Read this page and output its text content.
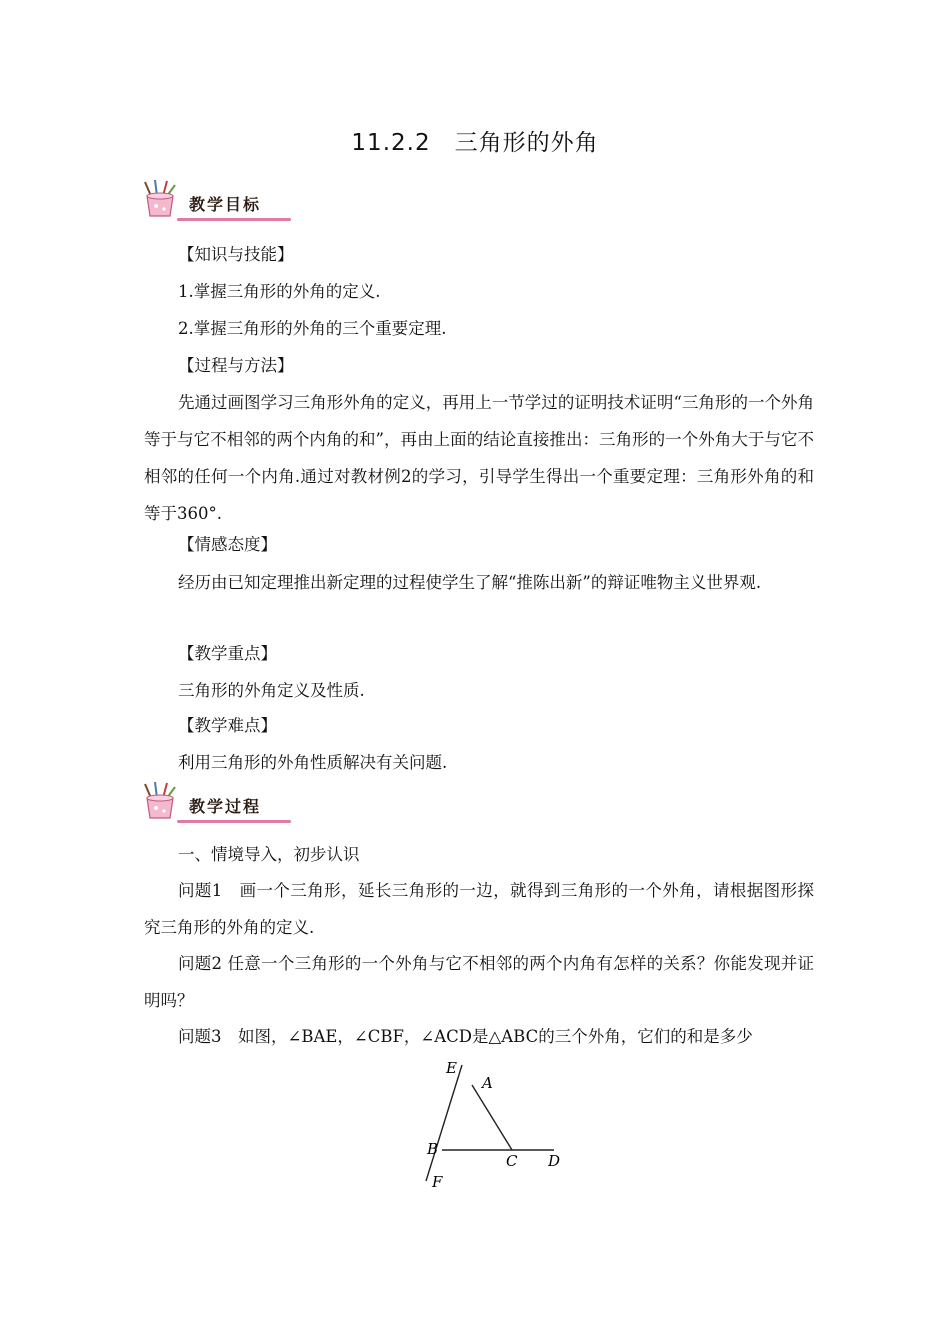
11.2.2　三角形的外角
教学目标
【知识与技能】
1.掌握三角形的外角的定义.
2.掌握三角形的外角的三个重要定理.
【过程与方法】
先通过画图学习三角形外角的定义，再用上一节学过的证明技术证明“三角形的一个外角等于与它不相邻的两个内角的和”，再由上面的结论直接推出：三角形的一个外角大于与它不相邻的任何一个内角.通过对教材例2的学习，引导学生得出一个重要定理：三角形外角的和等于360°.
【情感态度】
经历由已知定理推出新定理的过程使学生了解“推陈出新”的辩证唯物主义世界观.
【教学重点】
三角形的外角定义及性质.
【教学难点】
利用三角形的外角性质解决有关问题.
教学过程
一、情境导入，初步认识
问题1　画一个三角形，延长三角形的一边，就得到三角形的一个外角，请根据图形探究三角形的外角的定义.
问题2 任意一个三角形的一个外角与它不相邻的两个内角有怎样的关系？你能发现并证明吗？
问题3　如图，∠BAE，∠CBF，∠ACD是△ABC的三个外角，它们的和是多少
E
A
B
C D
F
